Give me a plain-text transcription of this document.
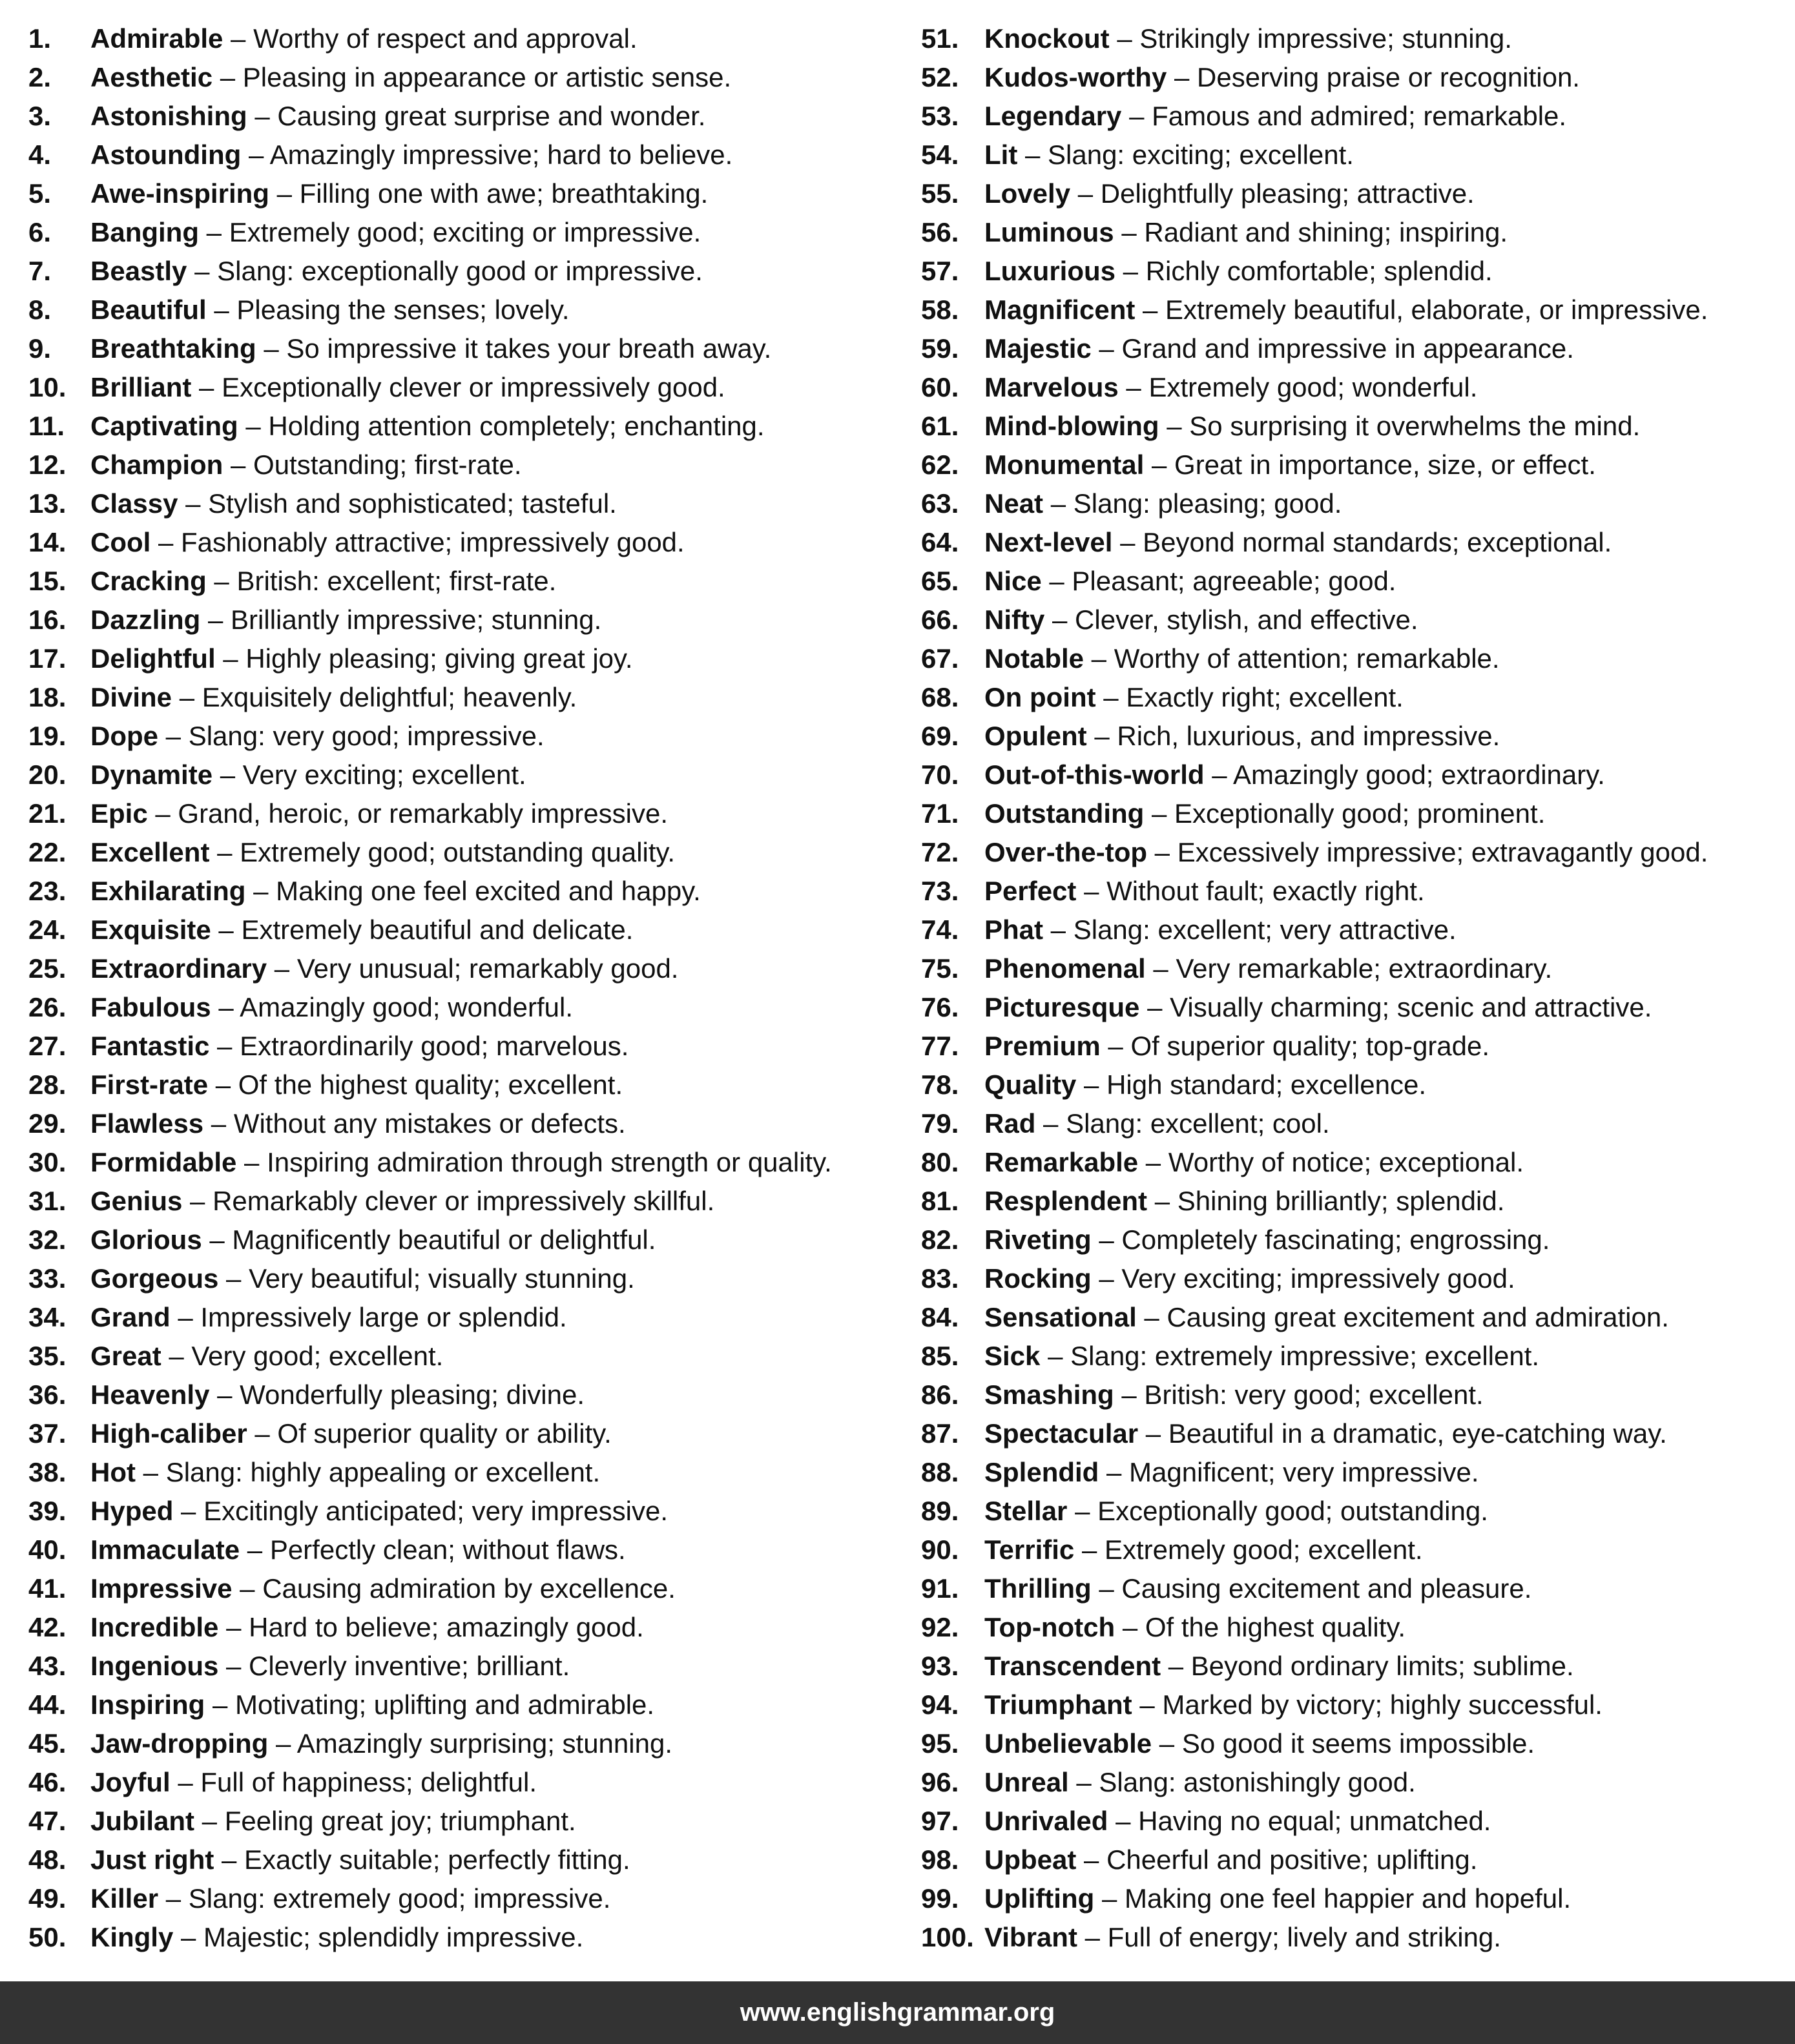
1. Admirable – Worthy of respect and approval.
2. Aesthetic – Pleasing in appearance or artistic sense.
3. Astonishing – Causing great surprise and wonder.
4. Astounding – Amazingly impressive; hard to believe.
5. Awe-inspiring – Filling one with awe; breathtaking.
6. Banging – Extremely good; exciting or impressive.
7. Beastly – Slang: exceptionally good or impressive.
8. Beautiful – Pleasing the senses; lovely.
9. Breathtaking – So impressive it takes your breath away.
10. Brilliant – Exceptionally clever or impressively good.
11. Captivating – Holding attention completely; enchanting.
12. Champion – Outstanding; first-rate.
13. Classy – Stylish and sophisticated; tasteful.
14. Cool – Fashionably attractive; impressively good.
15. Cracking – British: excellent; first-rate.
16. Dazzling – Brilliantly impressive; stunning.
17. Delightful – Highly pleasing; giving great joy.
18. Divine – Exquisitely delightful; heavenly.
19. Dope – Slang: very good; impressive.
20. Dynamite – Very exciting; excellent.
21. Epic – Grand, heroic, or remarkably impressive.
22. Excellent – Extremely good; outstanding quality.
23. Exhilarating – Making one feel excited and happy.
24. Exquisite – Extremely beautiful and delicate.
25. Extraordinary – Very unusual; remarkably good.
26. Fabulous – Amazingly good; wonderful.
27. Fantastic – Extraordinarily good; marvelous.
28. First-rate – Of the highest quality; excellent.
29. Flawless – Without any mistakes or defects.
30. Formidable – Inspiring admiration through strength or quality.
31. Genius – Remarkably clever or impressively skillful.
32. Glorious – Magnificently beautiful or delightful.
33. Gorgeous – Very beautiful; visually stunning.
34. Grand – Impressively large or splendid.
35. Great – Very good; excellent.
36. Heavenly – Wonderfully pleasing; divine.
37. High-caliber – Of superior quality or ability.
38. Hot – Slang: highly appealing or excellent.
39. Hyped – Excitingly anticipated; very impressive.
40. Immaculate – Perfectly clean; without flaws.
41. Impressive – Causing admiration by excellence.
42. Incredible – Hard to believe; amazingly good.
43. Ingenious – Cleverly inventive; brilliant.
44. Inspiring – Motivating; uplifting and admirable.
45. Jaw-dropping – Amazingly surprising; stunning.
46. Joyful – Full of happiness; delightful.
47. Jubilant – Feeling great joy; triumphant.
48. Just right – Exactly suitable; perfectly fitting.
49. Killer – Slang: extremely good; impressive.
50. Kingly – Majestic; splendidly impressive.
51. Knockout – Strikingly impressive; stunning.
52. Kudos-worthy – Deserving praise or recognition.
53. Legendary – Famous and admired; remarkable.
54. Lit – Slang: exciting; excellent.
55. Lovely – Delightfully pleasing; attractive.
56. Luminous – Radiant and shining; inspiring.
57. Luxurious – Richly comfortable; splendid.
58. Magnificent – Extremely beautiful, elaborate, or impressive.
59. Majestic – Grand and impressive in appearance.
60. Marvelous – Extremely good; wonderful.
61. Mind-blowing – So surprising it overwhelms the mind.
62. Monumental – Great in importance, size, or effect.
63. Neat – Slang: pleasing; good.
64. Next-level – Beyond normal standards; exceptional.
65. Nice – Pleasant; agreeable; good.
66. Nifty – Clever, stylish, and effective.
67. Notable – Worthy of attention; remarkable.
68. On point – Exactly right; excellent.
69. Opulent – Rich, luxurious, and impressive.
70. Out-of-this-world – Amazingly good; extraordinary.
71. Outstanding – Exceptionally good; prominent.
72. Over-the-top – Excessively impressive; extravagantly good.
73. Perfect – Without fault; exactly right.
74. Phat – Slang: excellent; very attractive.
75. Phenomenal – Very remarkable; extraordinary.
76. Picturesque – Visually charming; scenic and attractive.
77. Premium – Of superior quality; top-grade.
78. Quality – High standard; excellence.
79. Rad – Slang: excellent; cool.
80. Remarkable – Worthy of notice; exceptional.
81. Resplendent – Shining brilliantly; splendid.
82. Riveting – Completely fascinating; engrossing.
83. Rocking – Very exciting; impressively good.
84. Sensational – Causing great excitement and admiration.
85. Sick – Slang: extremely impressive; excellent.
86. Smashing – British: very good; excellent.
87. Spectacular – Beautiful in a dramatic, eye-catching way.
88. Splendid – Magnificent; very impressive.
89. Stellar – Exceptionally good; outstanding.
90. Terrific – Extremely good; excellent.
91. Thrilling – Causing excitement and pleasure.
92. Top-notch – Of the highest quality.
93. Transcendent – Beyond ordinary limits; sublime.
94. Triumphant – Marked by victory; highly successful.
95. Unbelievable – So good it seems impossible.
96. Unreal – Slang: astonishingly good.
97. Unrivaled – Having no equal; unmatched.
98. Upbeat – Cheerful and positive; uplifting.
99. Uplifting – Making one feel happier and hopeful.
100. Vibrant – Full of energy; lively and striking.
www.englishgrammar.org
